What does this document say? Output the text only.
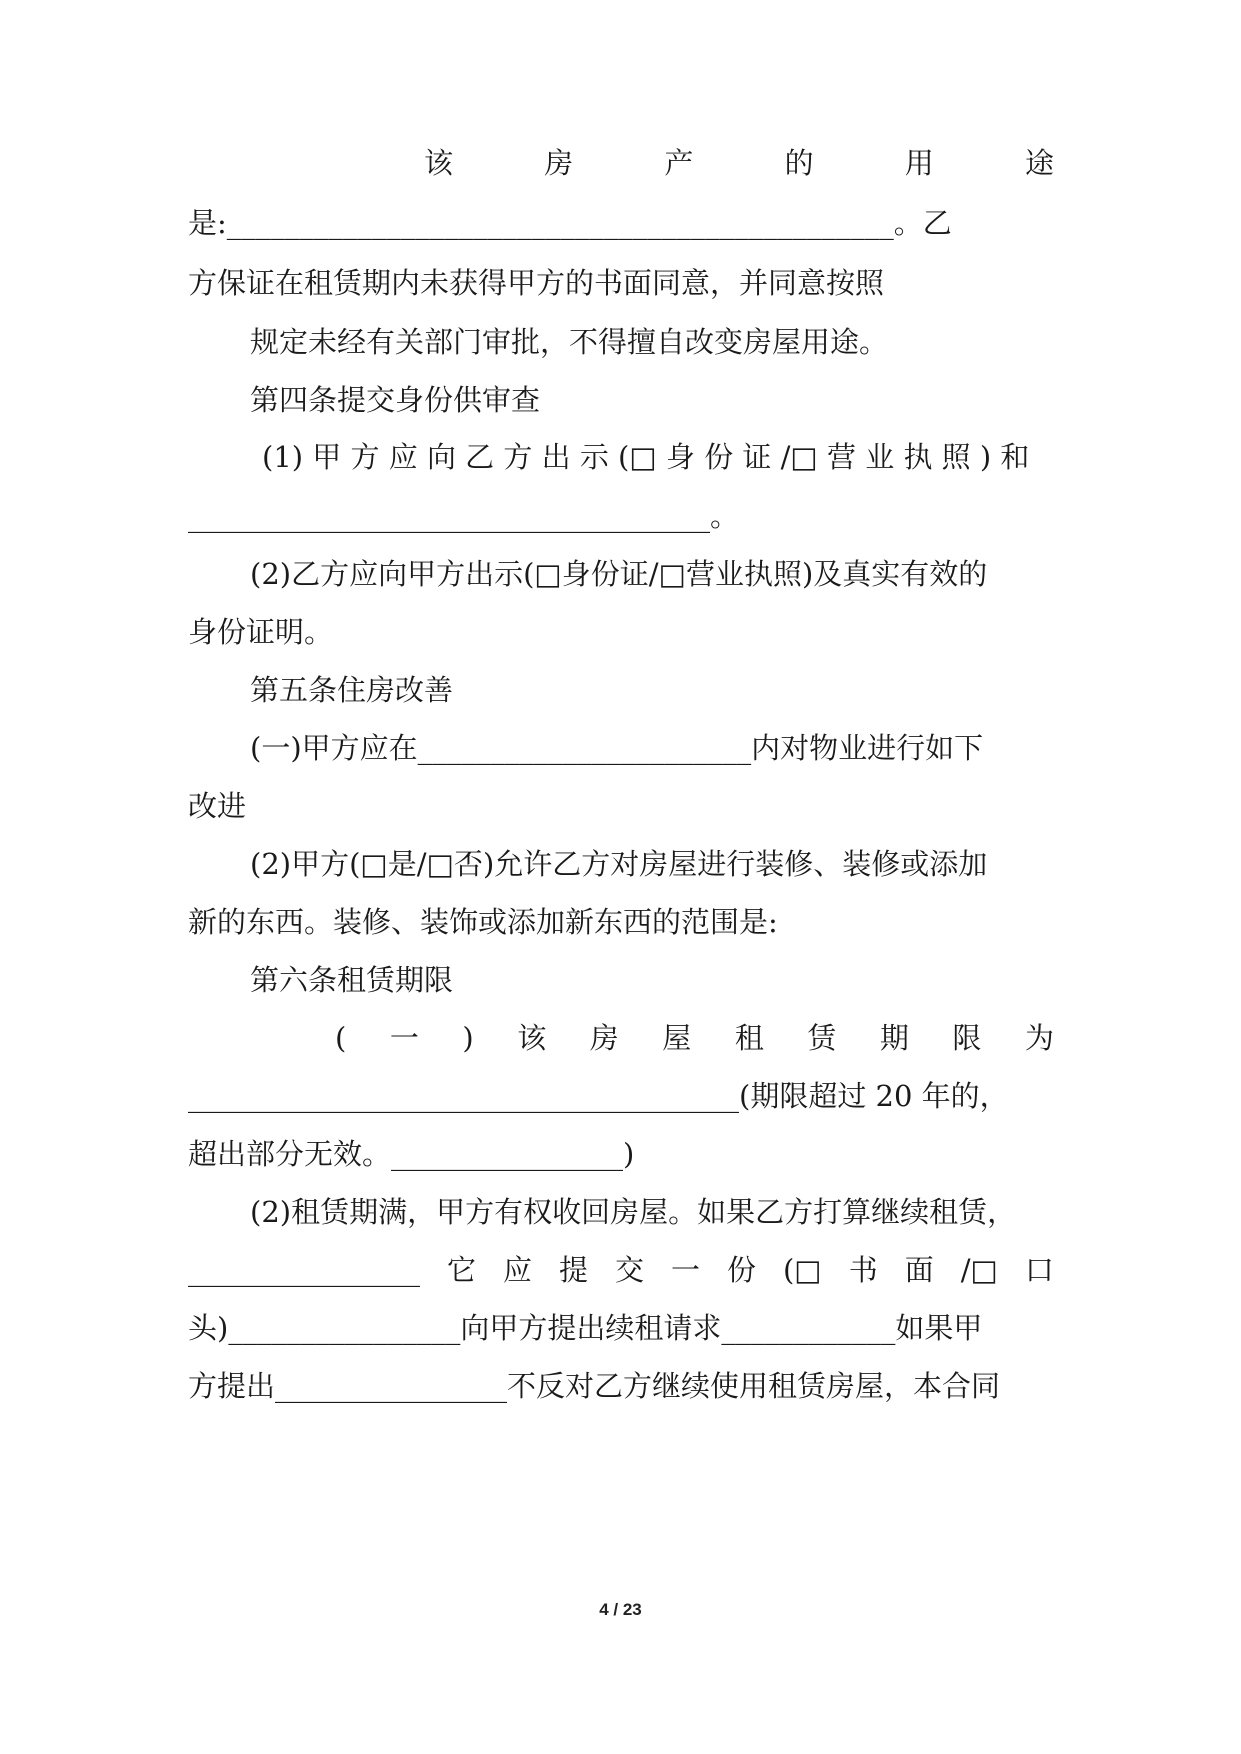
该	房	产	的	用	途
是:______________________________________________。乙
方保证在租赁期内未获得甲方的书面同意，并同意按照
规定未经有关部门审批，不得擅自改变房屋用途。
第四条提交身份供审查
(1) 甲 方 应 向 乙 方 出 示 (□ 身 份 证 /□ 营 业 执 照 ) 和
____________________________________。
(2)乙方应向甲方出示(□身份证/□营业执照)及真实有效的
身份证明。
第五条住房改善
(一)甲方应在_______________________内对物业进行如下
改进
(2)甲方(□是/□否)允许乙方对房屋进行装修、装修或添加
新的东西。装修、装饰或添加新东西的范围是:
第六条租赁期限
( 一 ) 该 房 屋 租 赁 期 限 为
______________________________________(期限超过 20 年的，
超出部分无效。________________)
(2)租赁期满，甲方有权收回房屋。如果乙方打算继续租赁，
________________ 它 应 提 交 一 份 (□ 书 面 /□ 口
头)________________向甲方提出续租请求____________如果甲
方提出________________不反对乙方继续使用租赁房屋，本合同
4 / 23
